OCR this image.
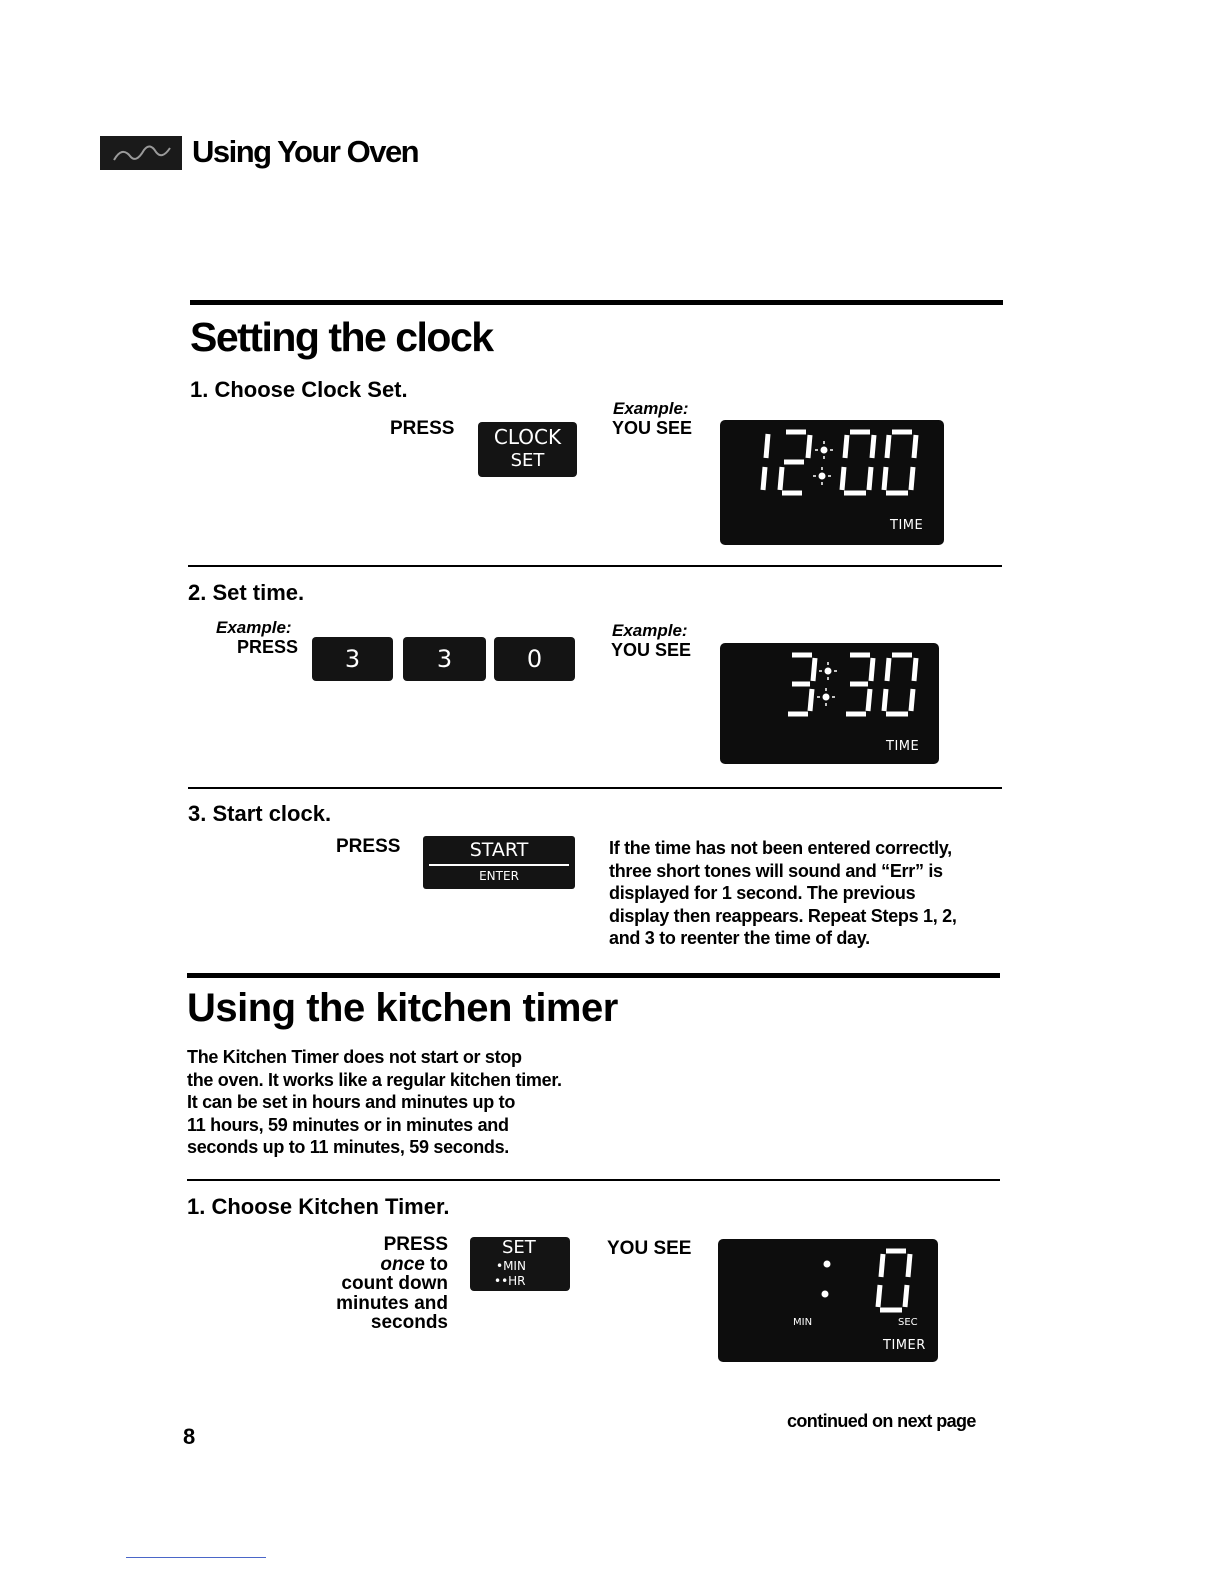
Using Your Oven
Setting the clock
1. Choose Clock Set.
PRESS	CLOCK
SET
Example:
YOU SEE
TIME
2. Set time.
Example:
PRESS	3	3	0
Example:
YOU SEE
TIME
3. Start clock.
PRESS	START
ENTER
If the time has not been entered correctly,
three short tones will sound and “Err” is
displayed for 1 second. The previous
display then reappears. Repeat Steps 1, 2,
and 3 to reenter the time of day.
Using the kitchen timer
The Kitchen Timer does not start or stop
the oven. It works like a regular kitchen timer.
It can be set in hours and minutes up to
11 hours, 59 minutes or in minutes and
seconds up to 11 minutes, 59 seconds.
1. Choose Kitchen Timer.
PRESS
once to
count down
minutes and
seconds
SET
•MIN
••HR
YOU SEE
MIN	SEC
TIMER
continued on next page
8
